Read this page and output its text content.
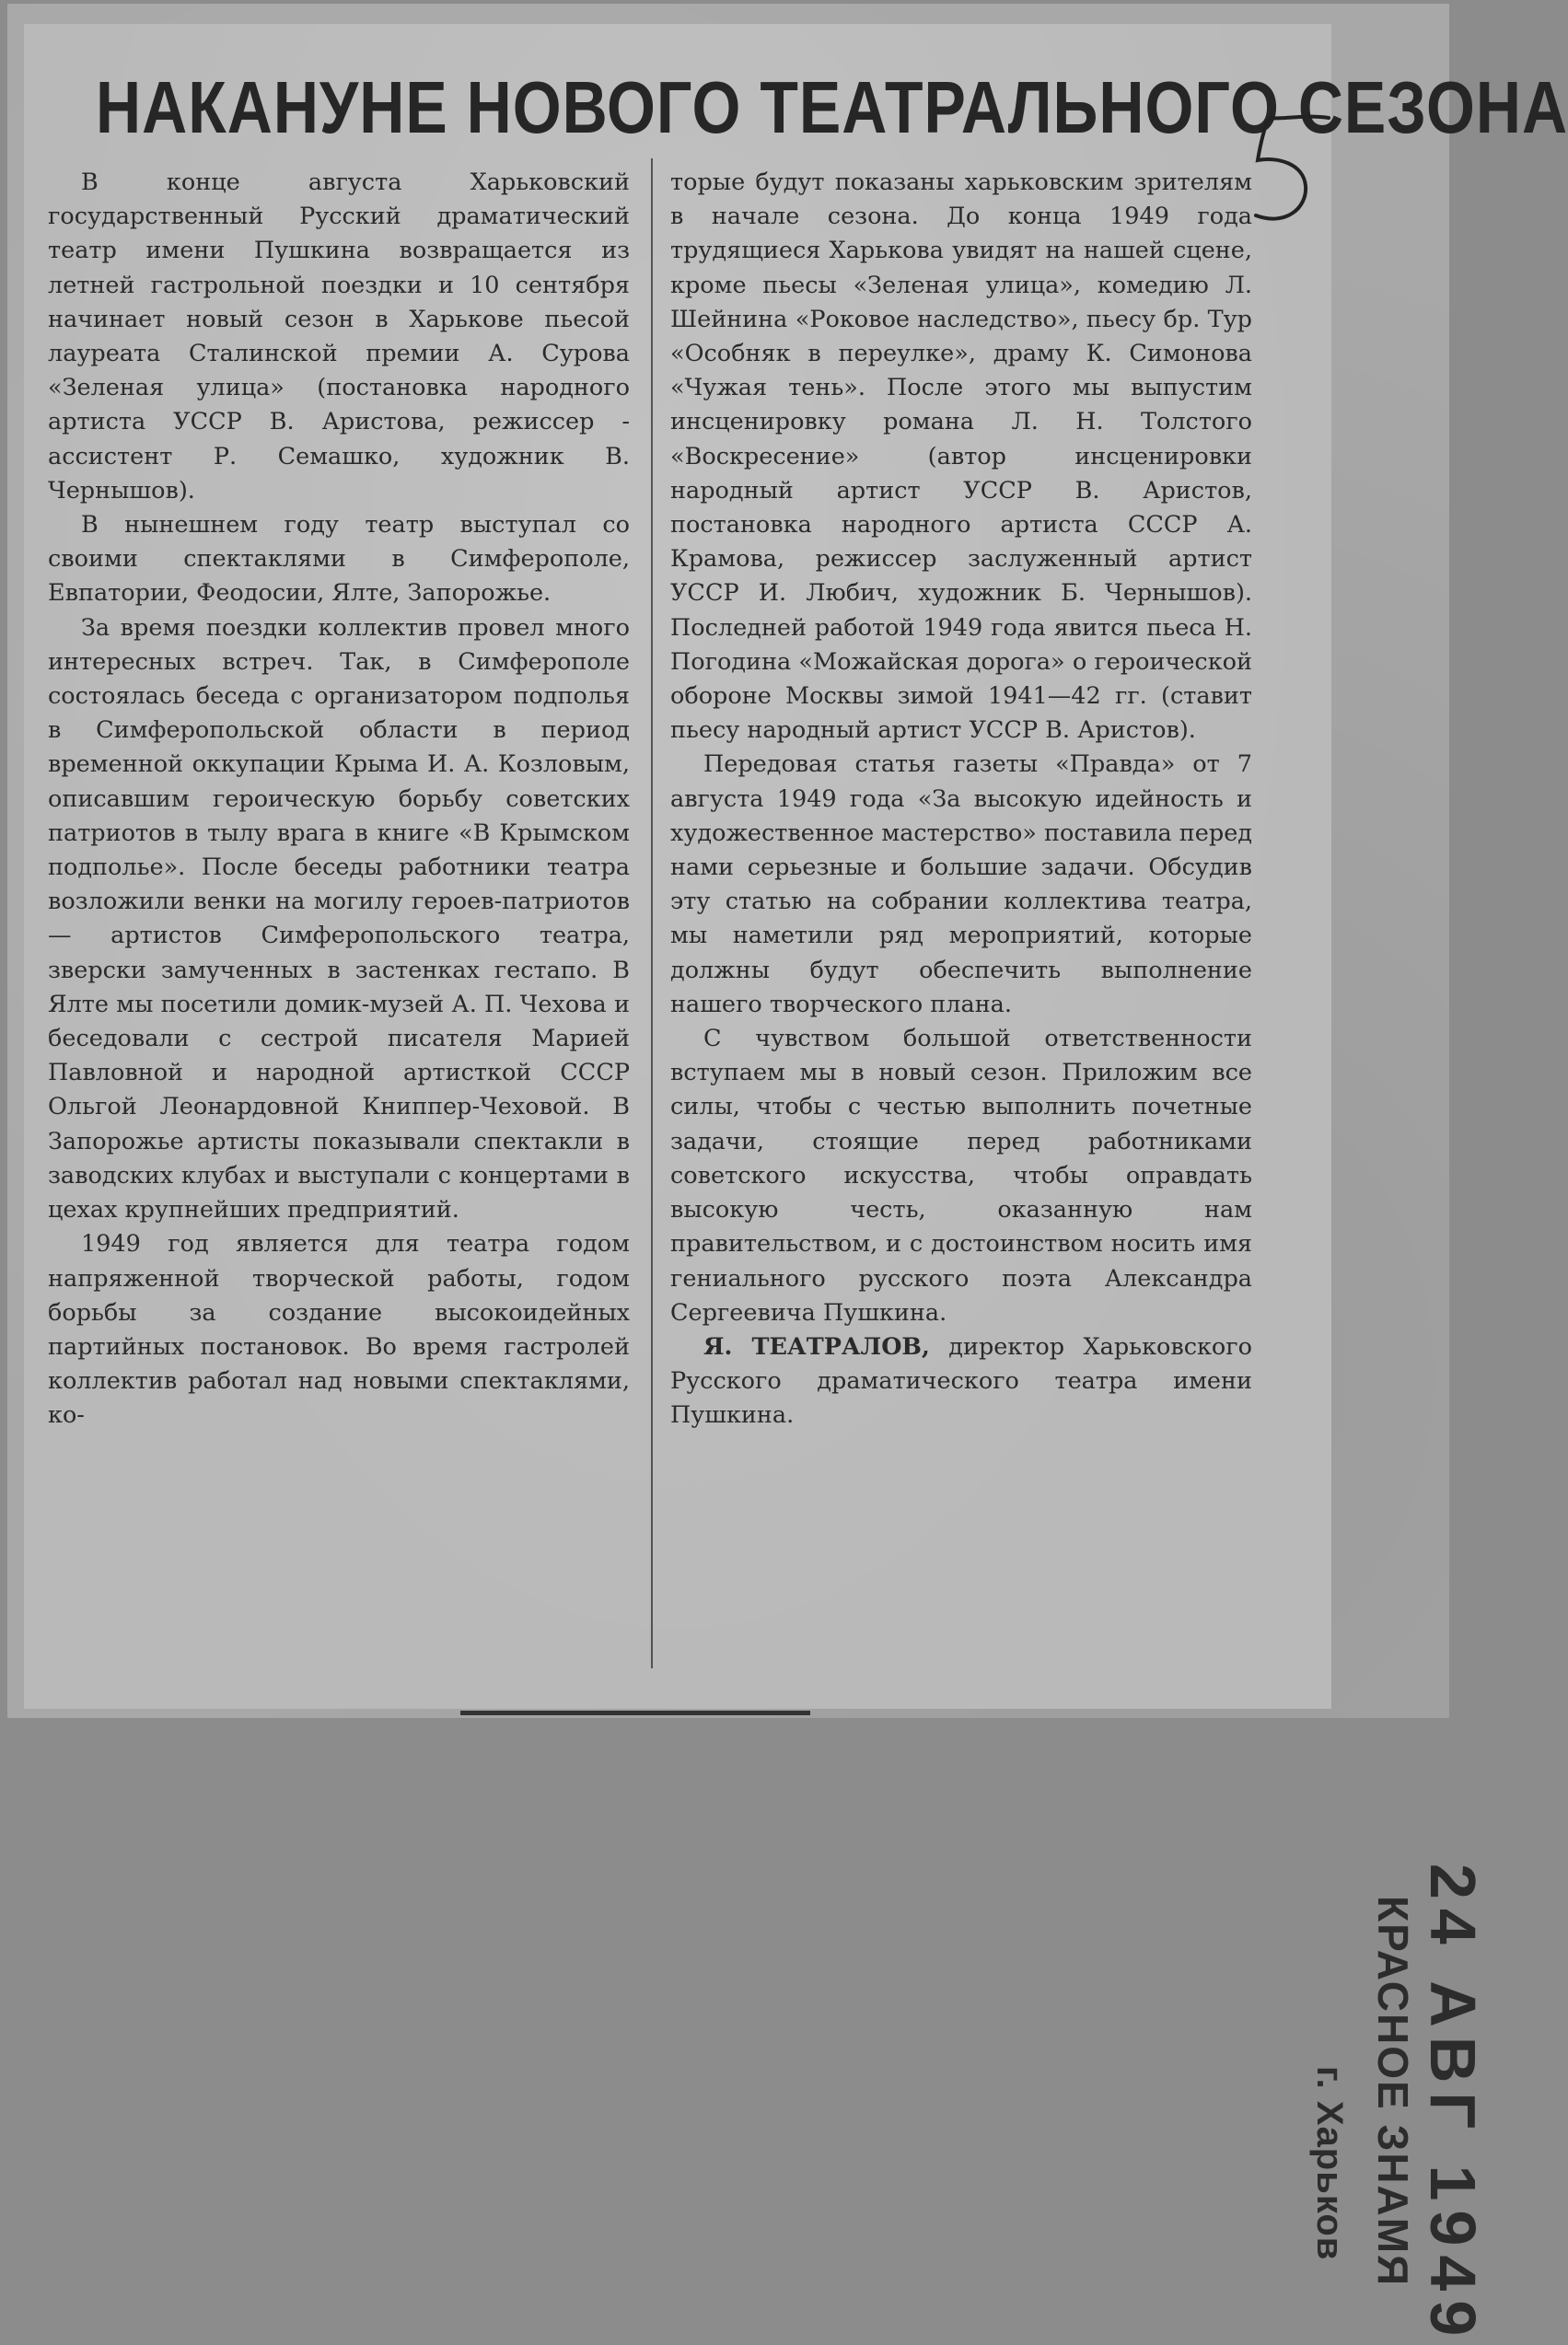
НАКАНУНЕ НОВОГО ТЕАТРАЛЬНОГО СЕЗОНА

В конце августа Харьковский государственный Русский драматический театр имени Пушкина возвращается из летней гастрольной поездки и 10 сентября начинает новый сезон в Харькове пьесой лауреата Сталинской премии А. Сурова «Зеленая улица» (постановка народного артиста УССР В. Аристова, режиссер - ассистент Р. Семашко, художник В. Чернышов).

В нынешнем году театр выступал со своими спектаклями в Симферополе, Евпатории, Феодосии, Ялте, Запорожье.

За время поездки коллектив провел много интересных встреч. Так, в Симферополе состоялась беседа с организатором подполья в Симферопольской области в период временной оккупации Крыма И. А. Козловым, описавшим героическую борьбу советских патриотов в тылу врага в книге «В Крымском подполье». После беседы работники театра возложили венки на могилу героев-патриотов — артистов Симферопольского театра, зверски замученных в застенках гестапо. В Ялте мы посетили домик-музей А. П. Чехова и беседовали с сестрой писателя Марией Павловной и народной артисткой СССР Ольгой Леонардовной Книппер-Чеховой. В Запорожье артисты показывали спектакли в заводских клубах и выступали с концертами в цехах крупнейших предприятий.

1949 год является для театра годом напряженной творческой работы, годом борьбы за создание высокоидейных партийных постановок. Во время гастролей коллектив работал над новыми спектаклями, ко-

торые будут показаны харьковским зрителям в начале сезона. До конца 1949 года трудящиеся Харькова увидят на нашей сцене, кроме пьесы «Зеленая улица», комедию Л. Шейнина «Роковое наследство», пьесу бр. Тур «Особняк в переулке», драму К. Симонова «Чужая тень». После этого мы выпустим инсценировку романа Л. Н. Толстого «Воскресение» (автор инсценировки народный артист УССР В. Аристов, постановка народного артиста СССР А. Крамова, режиссер заслуженный артист УССР И. Любич, художник Б. Чернышов). Последней работой 1949 года явится пьеса Н. Погодина «Можайская дорога» о героической обороне Москвы зимой 1941—42 гг. (ставит пьесу народный артист УССР В. Аристов).

Передовая статья газеты «Правда» от 7 августа 1949 года «За высокую идейность и художественное мастерство» поставила перед нами серьезные и большие задачи. Обсудив эту статью на собрании коллектива театра, мы наметили ряд мероприятий, которые должны будут обеспечить выполнение нашего творческого плана.

С чувством большой ответственности вступаем мы в новый сезон. Приложим все силы, чтобы с честью выполнить почетные задачи, стоящие перед работниками советского искусства, чтобы оправдать высокую честь, оказанную нам правительством, и с достоинством носить имя гениального русского поэта Александра Сергеевича Пушкина.

Я. ТЕАТРАЛОВ, директор Харьковского Русского драматического театра имени Пушкина.

24 АВГ 1949
КРАСНОЕ ЗНАМЯ
г. Харьков
